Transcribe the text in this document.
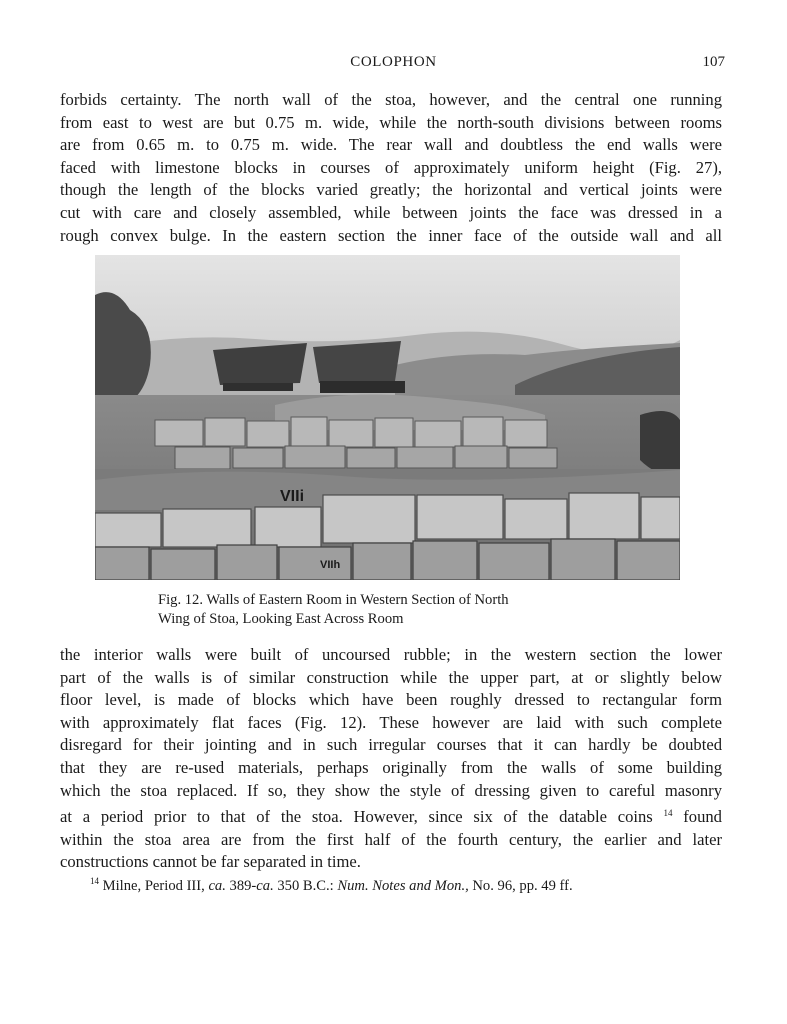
COLOPHON	107
forbids certainty. The north wall of the stoa, however, and the central one running
from east to west are but 0.75 m. wide, while the north-south divisions between rooms
are from 0.65 m. to 0.75 m. wide. The rear wall and doubtless the end walls were
faced with limestone blocks in courses of approximately uniform height (Fig. 27),
though the length of the blocks varied greatly; the horizontal and vertical joints were
cut with care and closely assembled, while between joints the face was dressed in a
rough convex bulge. In the eastern section the inner face of the outside wall and all
VIIi
VIIh
Fig. 12. Walls of Eastern Room in Western Section of North
Wing of Stoa, Looking East Across Room
the interior walls were built of uncoursed rubble; in the western section the lower
part of the walls is of similar construction while the upper part, at or slightly below
floor level, is made of blocks which have been roughly dressed to rectangular form
with approximately flat faces (Fig. 12). These however are laid with such complete
disregard for their jointing and in such irregular courses that it can hardly be doubted
that they are re-used materials, perhaps originally from the walls of some building
which the stoa replaced. If so, they show the style of dressing given to careful masonry
at a period prior to that of the stoa. However, since six of the datable coins $^{14}$ found
within the stoa area are from the first half of the fourth century, the earlier and later
constructions cannot be far separated in time.
$^{14}$ Milne, Period III, ca. 389-ca. 350 B.C.: Num. Notes and Mon., No. 96, pp. 49 ff.
